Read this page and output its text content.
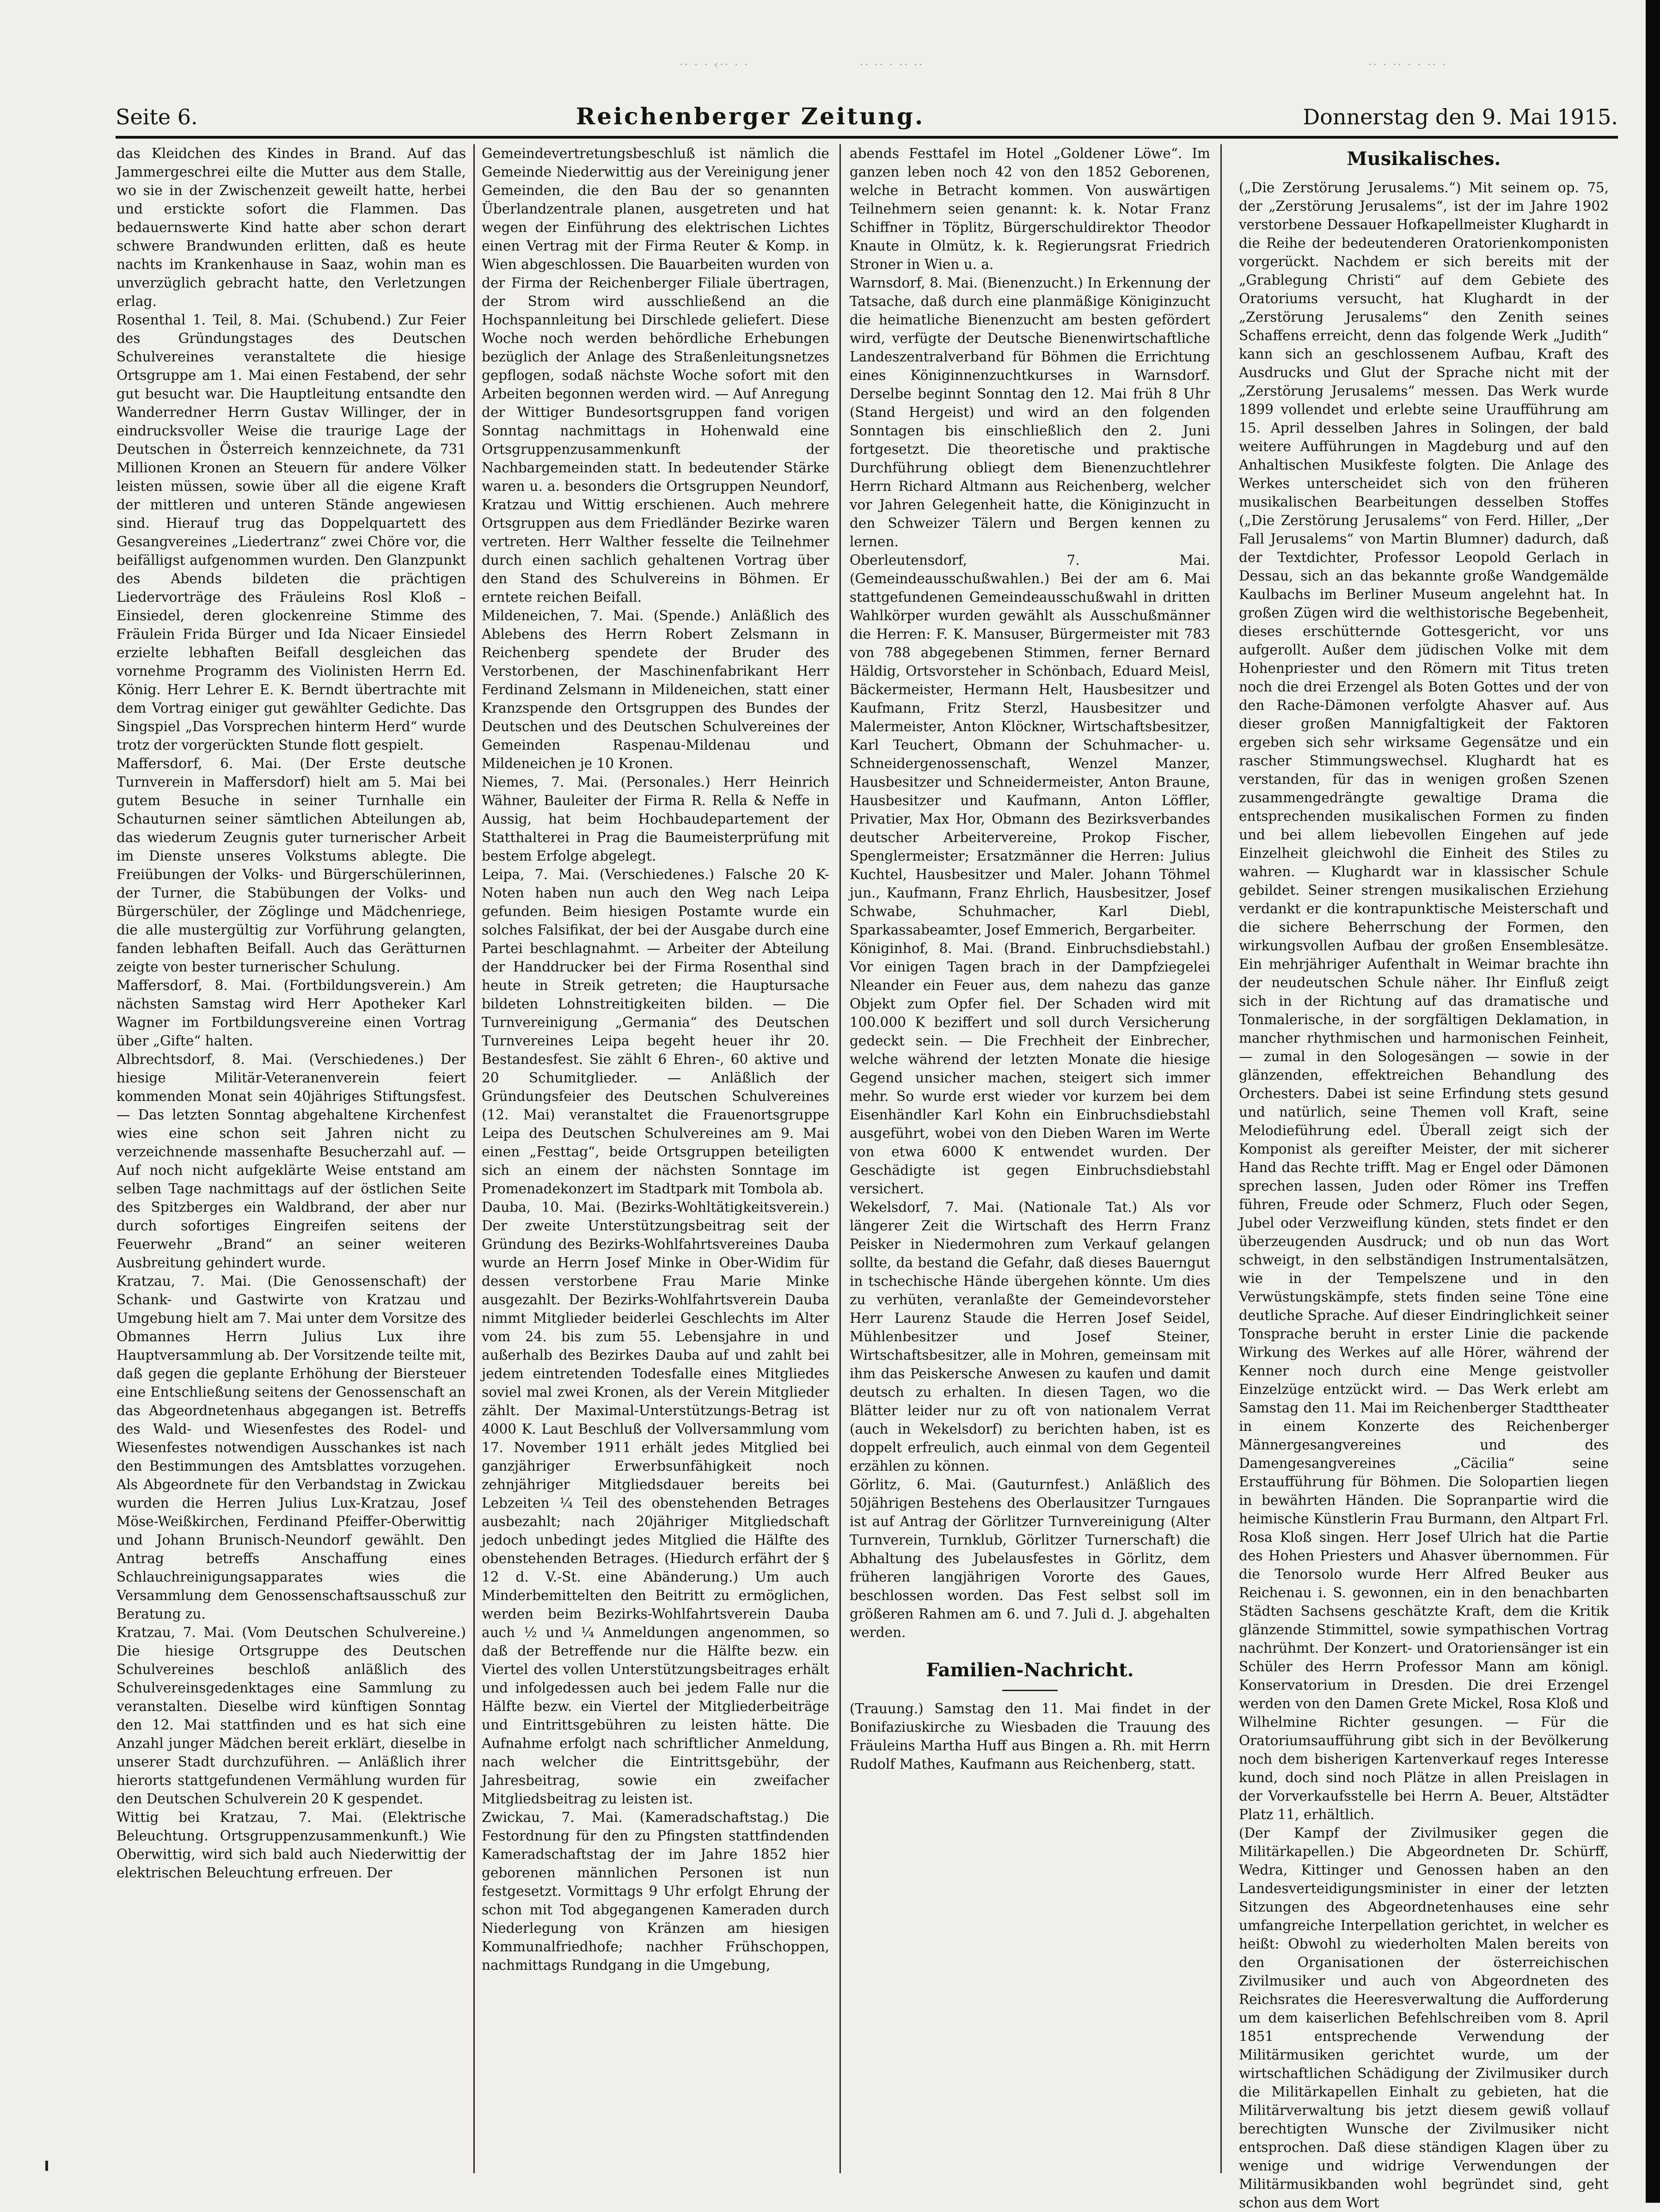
·· · · ‹·· · ·	·· ·· · ·· ··	·· · ·· · · ·· ·
Seite 6.	Reichenberger Zeitung.	Donnerstag den 9. Mai 1915.

das Kleidchen des Kindes in Brand. Auf das Jammergeschrei eilte die Mutter aus dem Stalle, wo sie in der Zwischenzeit geweilt hatte, herbei und erstickte sofort die Flammen. Das bedauernswerte Kind hatte aber schon derart schwere Brandwunden erlitten, daß es heute nachts im Krankenhause in Saaz, wohin man es unverzüglich gebracht hatte, den Verletzungen erlag.

Rosenthal 1. Teil, 8. Mai. (Schubend.) Zur Feier des Gründungstages des Deutschen Schulvereines veranstaltete die hiesige Ortsgruppe am 1. Mai einen Festabend, der sehr gut besucht war. Die Hauptleitung entsandte den Wanderredner Herrn Gustav Willinger, der in eindrucksvoller Weise die traurige Lage der Deutschen in Österreich kennzeichnete, da 731 Millionen Kronen an Steuern für andere Völker leisten müssen, sowie über all die eigene Kraft der mittleren und unteren Stände angewiesen sind. Hierauf trug das Doppelquartett des Gesangvereines „Liedertranz“ zwei Chöre vor, die beifälligst aufgenommen wurden. Den Glanzpunkt des Abends bildeten die prächtigen Liedervorträge des Fräuleins Rosl Kloß – Einsiedel, deren glockenreine Stimme des Fräulein Frida Bürger und Ida Nicaer Einsiedel erzielte lebhaften Beifall desgleichen das vornehme Programm des Violinisten Herrn Ed. König. Herr Lehrer E. K. Berndt übertrachte mit dem Vortrag einiger gut gewählter Gedichte. Das Singspiel „Das Vorsprechen hinterm Herd“ wurde trotz der vorgerückten Stunde flott gespielt.

Maffersdorf, 6. Mai. (Der Erste deutsche Turnverein in Maffersdorf) hielt am 5. Mai bei gutem Besuche in seiner Turnhalle ein Schauturnen seiner sämtlichen Abteilungen ab, das wiederum Zeugnis guter turnerischer Arbeit im Dienste unseres Volkstums ablegte. Die Freiübungen der Volks- und Bürgerschülerinnen, der Turner, die Stabübungen der Volks- und Bürgerschüler, der Zöglinge und Mädchenriege, die alle mustergültig zur Vorführung gelangten, fanden lebhaften Beifall. Auch das Gerätturnen zeigte von bester turnerischer Schulung.

Maffersdorf, 8. Mai. (Fortbildungsverein.) Am nächsten Samstag wird Herr Apotheker Karl Wagner im Fortbildungsvereine einen Vortrag über „Gifte“ halten.

Albrechtsdorf, 8. Mai. (Verschiedenes.) Der hiesige Militär-Veteranenverein feiert kommenden Monat sein 40jähriges Stiftungsfest. — Das letzten Sonntag abgehaltene Kirchenfest wies eine schon seit Jahren nicht zu verzeichnende massenhafte Besucherzahl auf. — Auf noch nicht aufgeklärte Weise entstand am selben Tage nachmittags auf der östlichen Seite des Spitzberges ein Waldbrand, der aber nur durch sofortiges Eingreifen seitens der Feuerwehr „Brand“ an seiner weiteren Ausbreitung gehindert wurde.

Kratzau, 7. Mai. (Die Genossenschaft) der Schank- und Gastwirte von Kratzau und Umgebung hielt am 7. Mai unter dem Vorsitze des Obmannes Herrn Julius Lux ihre Hauptversammlung ab. Der Vorsitzende teilte mit, daß gegen die geplante Erhöhung der Biersteuer eine Entschließung seitens der Genossenschaft an das Abgeordnetenhaus abgegangen ist. Betreffs des Wald- und Wiesenfestes des Rodel- und Wiesenfestes notwendigen Ausschankes ist nach den Bestimmungen des Amtsblattes vorzugehen. Als Abgeordnete für den Verbandstag in Zwickau wurden die Herren Julius Lux-Kratzau, Josef Möse-Weißkirchen, Ferdinand Pfeiffer-Oberwittig und Johann Brunisch-Neundorf gewählt. Den Antrag betreffs Anschaffung eines Schlauchreinigungsapparates wies die Versammlung dem Genossenschaftsausschuß zur Beratung zu.

Kratzau, 7. Mai. (Vom Deutschen Schulvereine.) Die hiesige Ortsgruppe des Deutschen Schulvereines beschloß anläßlich des Schulvereinsgedenktages eine Sammlung zu veranstalten. Dieselbe wird künftigen Sonntag den 12. Mai stattfinden und es hat sich eine Anzahl junger Mädchen bereit erklärt, dieselbe in unserer Stadt durchzuführen. — Anläßlich ihrer hierorts stattgefundenen Vermählung wurden für den Deutschen Schulverein 20 K gespendet.

Wittig bei Kratzau, 7. Mai. (Elektrische Beleuchtung. Ortsgruppenzusammenkunft.) Wie Oberwittig, wird sich bald auch Niederwittig der elektrischen Beleuchtung erfreuen. Der

Gemeindevertretungsbeschluß ist nämlich die Gemeinde Niederwittig aus der Vereinigung jener Gemeinden, die den Bau der so genannten Überlandzentrale planen, ausgetreten und hat wegen der Einführung des elektrischen Lichtes einen Vertrag mit der Firma Reuter & Komp. in Wien abgeschlossen. Die Bauarbeiten wurden von der Firma der Reichenberger Filiale übertragen, der Strom wird ausschließend an die Hochspannleitung bei Dirschlede geliefert. Diese Woche noch werden behördliche Erhebungen bezüglich der Anlage des Straßenleitungsnetzes gepflogen, sodaß nächste Woche sofort mit den Arbeiten begonnen werden wird. — Auf Anregung der Wittiger Bundesortsgruppen fand vorigen Sonntag nachmittags in Hohenwald eine Ortsgruppenzusammenkunft der Nachbargemeinden statt. In bedeutender Stärke waren u. a. besonders die Ortsgruppen Neundorf, Kratzau und Wittig erschienen. Auch mehrere Ortsgruppen aus dem Friedländer Bezirke waren vertreten. Herr Walther fesselte die Teilnehmer durch einen sachlich gehaltenen Vortrag über den Stand des Schulvereins in Böhmen. Er erntete reichen Beifall.

Mildeneichen, 7. Mai. (Spende.) Anläßlich des Ablebens des Herrn Robert Zelsmann in Reichenberg spendete der Bruder des Verstorbenen, der Maschinenfabrikant Herr Ferdinand Zelsmann in Mildeneichen, statt einer Kranzspende den Ortsgruppen des Bundes der Deutschen und des Deutschen Schulvereines der Gemeinden Raspenau-Mildenau und Mildeneichen je 10 Kronen.

Niemes, 7. Mai. (Personales.) Herr Heinrich Wähner, Bauleiter der Firma R. Rella & Neffe in Aussig, hat beim Hochbaudepartement der Statthalterei in Prag die Baumeisterprüfung mit bestem Erfolge abgelegt.

Leipa, 7. Mai. (Verschiedenes.) Falsche 20 K-Noten haben nun auch den Weg nach Leipa gefunden. Beim hiesigen Postamte wurde ein solches Falsifikat, der bei der Ausgabe durch eine Partei beschlagnahmt. — Arbeiter der Abteilung der Handdrucker bei der Firma Rosenthal sind heute in Streik getreten; die Hauptursache bildeten Lohnstreitigkeiten bilden. — Die Turnvereinigung „Germania“ des Deutschen Turnvereines Leipa begeht heuer ihr 20. Bestandesfest. Sie zählt 6 Ehren-, 60 aktive und 20 Schumitglieder. — Anläßlich der Gründungsfeier des Deutschen Schulvereines (12. Mai) veranstaltet die Frauenortsgruppe Leipa des Deutschen Schulvereines am 9. Mai einen „Festtag“, beide Ortsgruppen beteiligten sich an einem der nächsten Sonntage im Promenadekonzert im Stadtpark mit Tombola ab.

Dauba, 10. Mai. (Bezirks-Wohltätigkeitsverein.) Der zweite Unterstützungsbeitrag seit der Gründung des Bezirks-Wohlfahrtsvereines Dauba wurde an Herrn Josef Minke in Ober-Widim für dessen verstorbene Frau Marie Minke ausgezahlt. Der Bezirks-Wohlfahrtsverein Dauba nimmt Mitglieder beiderlei Geschlechts im Alter vom 24. bis zum 55. Lebensjahre in und außerhalb des Bezirkes Dauba auf und zahlt bei jedem eintretenden Todesfalle eines Mitgliedes soviel mal zwei Kronen, als der Verein Mitglieder zählt. Der Maximal-Unterstützungs-Betrag ist 4000 K. Laut Beschluß der Vollversammlung vom 17. November 1911 erhält jedes Mitglied bei ganzjähriger Erwerbsunfähigkeit noch zehnjähriger Mitgliedsdauer bereits bei Lebzeiten ¼ Teil des obenstehenden Betrages ausbezahlt; nach 20jähriger Mitgliedschaft jedoch unbedingt jedes Mitglied die Hälfte des obenstehenden Betrages. (Hiedurch erfährt der § 12 d. V.-St. eine Abänderung.) Um auch Minderbemittelten den Beitritt zu ermöglichen, werden beim Bezirks-Wohlfahrtsverein Dauba auch ½ und ¼ Anmeldungen angenommen, so daß der Betreffende nur die Hälfte bezw. ein Viertel des vollen Unterstützungsbeitrages erhält und infolgedessen auch bei jedem Falle nur die Hälfte bezw. ein Viertel der Mitgliederbeiträge und Eintrittsgebühren zu leisten hätte. Die Aufnahme erfolgt nach schriftlicher Anmeldung, nach welcher die Eintrittsgebühr, der Jahresbeitrag, sowie ein zweifacher Mitgliedsbeitrag zu leisten ist.

Zwickau, 7. Mai. (Kameradschaftstag.) Die Festordnung für den zu Pfingsten stattfindenden Kameradschaftstag der im Jahre 1852 hier geborenen männlichen Personen ist nun festgesetzt. Vormittags 9 Uhr erfolgt Ehrung der schon mit Tod abgegangenen Kameraden durch Niederlegung von Kränzen am hiesigen Kommunalfriedhofe; nachher Frühschoppen, nachmittags Rundgang in die Umgebung,

abends Festtafel im Hotel „Goldener Löwe“. Im ganzen leben noch 42 von den 1852 Geborenen, welche in Betracht kommen. Von auswärtigen Teilnehmern seien genannt: k. k. Notar Franz Schiffner in Töplitz, Bürgerschuldirektor Theodor Knaute in Olmütz, k. k. Regierungsrat Friedrich Stroner in Wien u. a.

Warnsdorf, 8. Mai. (Bienenzucht.) In Erkennung der Tatsache, daß durch eine planmäßige Königinzucht die heimatliche Bienenzucht am besten gefördert wird, verfügte der Deutsche Bienenwirtschaftliche Landeszentralverband für Böhmen die Errichtung eines Königinnenzuchtkurses in Warnsdorf. Derselbe beginnt Sonntag den 12. Mai früh 8 Uhr (Stand Hergeist) und wird an den folgenden Sonntagen bis einschließlich den 2. Juni fortgesetzt. Die theoretische und praktische Durchführung obliegt dem Bienenzuchtlehrer Herrn Richard Altmann aus Reichenberg, welcher vor Jahren Gelegenheit hatte, die Königinzucht in den Schweizer Tälern und Bergen kennen zu lernen.

Oberleutensdorf, 7. Mai. (Gemeindeausschußwahlen.) Bei der am 6. Mai stattgefundenen Gemeindeausschußwahl in dritten Wahlkörper wurden gewählt als Ausschußmänner die Herren: F. K. Mansuser, Bürgermeister mit 783 von 788 abgegebenen Stimmen, ferner Bernard Häldig, Ortsvorsteher in Schönbach, Eduard Meisl, Bäckermeister, Hermann Helt, Hausbesitzer und Kaufmann, Fritz Sterzl, Hausbesitzer und Malermeister, Anton Klöckner, Wirtschaftsbesitzer, Karl Teuchert, Obmann der Schuhmacher- u. Schneidergenossenschaft, Wenzel Manzer, Hausbesitzer und Schneidermeister, Anton Braune, Hausbesitzer und Kaufmann, Anton Löffler, Privatier, Max Hor, Obmann des Bezirksverbandes deutscher Arbeitervereine, Prokop Fischer, Spenglermeister; Ersatzmänner die Herren: Julius Kuchtel, Hausbesitzer und Maler. Johann Töhmel jun., Kaufmann, Franz Ehrlich, Hausbesitzer, Josef Schwabe, Schuhmacher, Karl Diebl, Sparkassabeamter, Josef Emmerich, Bergarbeiter.

Königinhof, 8. Mai. (Brand. Einbruchsdiebstahl.) Vor einigen Tagen brach in der Dampfziegelei Nleander ein Feuer aus, dem nahezu das ganze Objekt zum Opfer fiel. Der Schaden wird mit 100.000 K beziffert und soll durch Versicherung gedeckt sein. — Die Frechheit der Einbrecher, welche während der letzten Monate die hiesige Gegend unsicher machen, steigert sich immer mehr. So wurde erst wieder vor kurzem bei dem Eisenhändler Karl Kohn ein Einbruchsdiebstahl ausgeführt, wobei von den Dieben Waren im Werte von etwa 6000 K entwendet wurden. Der Geschädigte ist gegen Einbruchsdiebstahl versichert.

Wekelsdorf, 7. Mai. (Nationale Tat.) Als vor längerer Zeit die Wirtschaft des Herrn Franz Peisker in Niedermohren zum Verkauf gelangen sollte, da bestand die Gefahr, daß dieses Bauerngut in tschechische Hände übergehen könnte. Um dies zu verhüten, veranlaßte der Gemeindevorsteher Herr Laurenz Staude die Herren Josef Seidel, Mühlenbesitzer und Josef Steiner, Wirtschaftsbesitzer, alle in Mohren, gemeinsam mit ihm das Peiskersche Anwesen zu kaufen und damit deutsch zu erhalten. In diesen Tagen, wo die Blätter leider nur zu oft von nationalem Verrat (auch in Wekelsdorf) zu berichten haben, ist es doppelt erfreulich, auch einmal von dem Gegenteil erzählen zu können.

Görlitz, 6. Mai. (Gauturnfest.) Anläßlich des 50jährigen Bestehens des Oberlausitzer Turngaues ist auf Antrag der Görlitzer Turnvereinigung (Alter Turnverein, Turnklub, Görlitzer Turnerschaft) die Abhaltung des Jubelausfestes in Görlitz, dem früheren langjährigen Vororte des Gaues, beschlossen worden. Das Fest selbst soll im größeren Rahmen am 6. und 7. Juli d. J. abgehalten werden.

Familien-Nachricht.

(Trauung.) Samstag den 11. Mai findet in der Bonifaziuskirche zu Wiesbaden die Trauung des Fräuleins Martha Huff aus Bingen a. Rh. mit Herrn Rudolf Mathes, Kaufmann aus Reichenberg, statt.

Musikalisches.

(„Die Zerstörung Jerusalems.“) Mit seinem op. 75, der „Zerstörung Jerusalems“, ist der im Jahre 1902 verstorbene Dessauer Hofkapellmeister Klughardt in die Reihe der bedeutenderen Oratorienkomponisten vorgerückt. Nachdem er sich bereits mit der „Grablegung Christi“ auf dem Gebiete des Oratoriums versucht, hat Klughardt in der „Zerstörung Jerusalems“ den Zenith seines Schaffens erreicht, denn das folgende Werk „Judith“ kann sich an geschlossenem Aufbau, Kraft des Ausdrucks und Glut der Sprache nicht mit der „Zerstörung Jerusalems“ messen. Das Werk wurde 1899 vollendet und erlebte seine Uraufführung am 15. April desselben Jahres in Solingen, der bald weitere Aufführungen in Magdeburg und auf den Anhaltischen Musikfeste folgten. Die Anlage des Werkes unterscheidet sich von den früheren musikalischen Bearbeitungen desselben Stoffes („Die Zerstörung Jerusalems“ von Ferd. Hiller, „Der Fall Jerusalems“ von Martin Blumner) dadurch, daß der Textdichter, Professor Leopold Gerlach in Dessau, sich an das bekannte große Wandgemälde Kaulbachs im Berliner Museum angelehnt hat. In großen Zügen wird die welthistorische Begebenheit, dieses erschütternde Gottesgericht, vor uns aufgerollt. Außer dem jüdischen Volke mit dem Hohenpriester und den Römern mit Titus treten noch die drei Erzengel als Boten Gottes und der von den Rache-Dämonen verfolgte Ahasver auf. Aus dieser großen Mannigfaltigkeit der Faktoren ergeben sich sehr wirksame Gegensätze und ein rascher Stimmungswechsel. Klughardt hat es verstanden, für das in wenigen großen Szenen zusammengedrängte gewaltige Drama die entsprechenden musikalischen Formen zu finden und bei allem liebevollen Eingehen auf jede Einzelheit gleichwohl die Einheit des Stiles zu wahren. — Klughardt war in klassischer Schule gebildet. Seiner strengen musikalischen Erziehung verdankt er die kontrapunktische Meisterschaft und die sichere Beherrschung der Formen, den wirkungsvollen Aufbau der großen Ensemblesätze. Ein mehrjähriger Aufenthalt in Weimar brachte ihn der neudeutschen Schule näher. Ihr Einfluß zeigt sich in der Richtung auf das dramatische und Tonmalerische, in der sorgfältigen Deklamation, in mancher rhythmischen und harmonischen Feinheit, — zumal in den Sologesängen — sowie in der glänzenden, effektreichen Behandlung des Orchesters. Dabei ist seine Erfindung stets gesund und natürlich, seine Themen voll Kraft, seine Melodieführung edel. Überall zeigt sich der Komponist als gereifter Meister, der mit sicherer Hand das Rechte trifft. Mag er Engel oder Dämonen sprechen lassen, Juden oder Römer ins Treffen führen, Freude oder Schmerz, Fluch oder Segen, Jubel oder Verzweiflung künden, stets findet er den überzeugenden Ausdruck; und ob nun das Wort schweigt, in den selbständigen Instrumentalsätzen, wie in der Tempelszene und in den Verwüstungskämpfe, stets finden seine Töne eine deutliche Sprache. Auf dieser Eindringlichkeit seiner Tonsprache beruht in erster Linie die packende Wirkung des Werkes auf alle Hörer, während der Kenner noch durch eine Menge geistvoller Einzelzüge entzückt wird. — Das Werk erlebt am Samstag den 11. Mai im Reichenberger Stadttheater in einem Konzerte des Reichenberger Männergesangvereines und des Damengesangvereines „Cäcilia“ seine Erstaufführung für Böhmen. Die Solopartien liegen in bewährten Händen. Die Sopranpartie wird die heimische Künstlerin Frau Burmann, den Altpart Frl. Rosa Kloß singen. Herr Josef Ulrich hat die Partie des Hohen Priesters und Ahasver übernommen. Für die Tenorsolo wurde Herr Alfred Beuker aus Reichenau i. S. gewonnen, ein in den benachbarten Städten Sachsens geschätzte Kraft, dem die Kritik glänzende Stimmittel, sowie sympathischen Vortrag nachrühmt. Der Konzert- und Oratoriensänger ist ein Schüler des Herrn Professor Mann am königl. Konservatorium in Dresden. Die drei Erzengel werden von den Damen Grete Mickel, Rosa Kloß und Wilhelmine Richter gesungen. — Für die Oratoriumsaufführung gibt sich in der Bevölkerung noch dem bisherigen Kartenverkauf reges Interesse kund, doch sind noch Plätze in allen Preislagen in der Vorverkaufsstelle bei Herrn A. Beuer, Altstädter Platz 11, erhältlich.

(Der Kampf der Zivilmusiker gegen die Militärkapellen.) Die Abgeordneten Dr. Schürff, Wedra, Kittinger und Genossen haben an den Landesverteidigungsminister in einer der letzten Sitzungen des Abgeordnetenhauses eine sehr umfangreiche Interpellation gerichtet, in welcher es heißt: Obwohl zu wiederholten Malen bereits von den Organisationen der österreichischen Zivilmusiker und auch von Abgeordneten des Reichsrates die Heeresverwaltung die Aufforderung um dem kaiserlichen Befehlschreiben vom 8. April 1851 entsprechende Verwendung der Militärmusiken gerichtet wurde, um der wirtschaftlichen Schädigung der Zivilmusiker durch die Militärkapellen Einhalt zu gebieten, hat die Militärverwaltung bis jetzt diesem gewiß vollauf berechtigten Wunsche der Zivilmusiker nicht entsprochen. Daß diese ständigen Klagen über zu wenige und widrige Verwendungen der Militärmusikbanden wohl begründet sind, geht schon aus dem Wort
